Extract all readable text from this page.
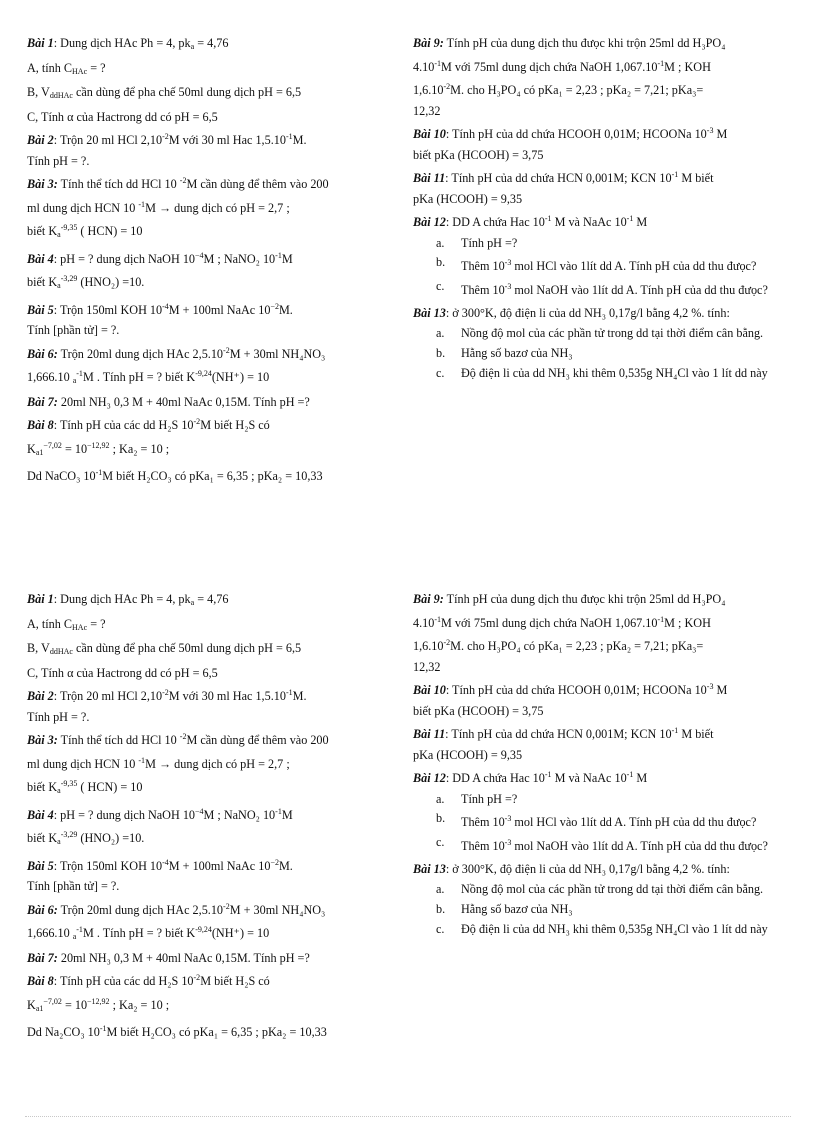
Bài 1: Dung dịch HAc Ph = 4, $pk_a = 4,76$
A, tính $C_{HAc}$ = ?
B, $V_{ddHAc}$ cần dùng để pha chế 50ml dung dịch pH = 6,5
C, Tính α của Hactrong dd có pH = 6,5
Bài 2: Trộn 20 ml HCl $2,10^{-2}M$ với 30 ml Hac $1,5.10^{-1}M$.
Tính pH = ?.
Bài 3: Tính thể tích dd HCl 10 $^{-2}$M cần dùng để thêm vào 200
ml dung dịch HCN 10 $^{-1}$M → dung dịch có pH = 2,7 ;
biết $K_a^{-9,35}$ ( HCN) = 10
Bài 4: pH = ? dung dịch NaOH $10^{-4}M$ ; NaNO₂ $10^{-1}M$
biết $K_a^{-3,29}$ (HNO₂) =10.
Bài 5: Trộn 150ml KOH $10^{-4}M + 100ml$ NaAc $10^{-2}M$.
Tính [phần tử] = ?.
Bài 6: Trộn 20ml dung dịch HAc $2,5.10^{-2}M + 30ml$ NH₄NO₃
1,666.10 $_a^{-1}$M . Tính pH = ? biết $K^{-9,24}(NH^+) = 10$
Bài 7: 20ml NH₃ 0,3 M + 40ml NaAc 0,15M. Tính pH =?
Bài 8: Tính pH của các dd H₂S $10^{-2}M$ biết H₂S có
$K_{a1}^{-7,02} = 10^{-12,92}$ ; Ka₂ = 10 ;
Dd NaCO₃ $10^{-1}M$ biết H₂CO₃ có pKa₁ = 6,35 ; pKa₂ = 10,33
Bài 9: Tính pH của dung dịch thu đưọc khi trộn 25ml dd H₃PO₄
$4.10^{-1}M$ với 75ml dung dịch chứa NaOH $1,067.10^{-1}M$ ; KOH
$1,6.10^{-2}M$. cho H₃PO₄ có pKa₁ = 2,23 ; pKa₂ = 7,21; pKa₃=
12,32
Bài 10: Tính pH của dd chứa HCOOH 0,01M; HCOONa $10^{-3}$ M
biết pKa (HCOOH) = 3,75
Bài 11: Tính pH của dd chứa HCN 0,001M; KCN $10^{-1}$ M biết
pKa (HCOOH) = 9,35
Bài 12: DD A chứa Hac $10^{-1}$ M và NaAc $10^{-1}$ M
a. Tính pH =?
b. Thêm $10^{-3}$ mol HCl vào 1lít dd A. Tính pH của dd thu đưọc?
c. Thêm $10^{-3}$ mol NaOH vào 1lít dd A. Tính pH của dd thu đưọc?
Bài 13: ở 300°K, độ điện li của dd NH₃ 0,17g/l bằng 4,2 %. tính:
a. Nồng độ mol của các phần tử trong dd tại thời điểm cân bằng.
b. Hằng số bazơ của NH₃
c. Độ điện li của dd NH₃ khi thêm 0,535g NH₄Cl vào 1 lít dd này
Bài 1: Dung dịch HAc Ph = 4, $pk_a = 4,76$
A, tính $C_{HAc}$ = ?
B, $V_{ddHAc}$ cần dùng để pha chế 50ml dung dịch pH = 6,5
C, Tính α của Hactrong dd có pH = 6,5
Bài 2: Trộn 20 ml HCl $2,10^{-2}M$ với 30 ml Hac $1,5.10^{-1}M$.
Tính pH = ?.
Bài 3: Tính thể tích dd HCl 10 $^{-2}$M cần dùng để thêm vào 200
ml dung dịch HCN 10 $^{-1}$M → dung dịch có pH = 2,7 ;
biết $K_a^{-9,35}$ ( HCN) = 10
Bài 4: pH = ? dung dịch NaOH $10^{-4}M$ ; NaNO₂ $10^{-1}M$
biết $K_a^{-3,29}$ (HNO₂) =10.
Bài 5: Trộn 150ml KOH $10^{-4}M + 100ml$ NaAc $10^{-2}M$.
Tính [phần tử] = ?.
Bài 6: Trộn 20ml dung dịch HAc $2,5.10^{-2}M + 30ml$ NH₄NO₃
1,666.10 $_a^{-1}$M . Tính pH = ? biết $K^{-9,24}(NH^+) = 10$
Bài 7: 20ml NH₃ 0,3 M + 40ml NaAc 0,15M. Tính pH =?
Bài 8: Tính pH của các dd H₂S $10^{-2}M$ biết H₂S có
$K_{a1}^{-7,02} = 10^{-12,92}$ ; Ka₂ = 10 ;
Dd Na₂CO₃ $10^{-1}M$ biết H₂CO₃ có pKa₁ = 6,35 ; pKa₂ = 10,33
Bài 9: Tính pH của dung dịch thu đưọc khi trộn 25ml dd H₃PO₄
$4.10^{-1}M$ với 75ml dung dịch chứa NaOH $1,067.10^{-1}M$ ; KOH
$1,6.10^{-2}M$. cho H₃PO₄ có pKa₁ = 2,23 ; pKa₂ = 7,21; pKa₃=
12,32
Bài 10: Tính pH của dd chứa HCOOH 0,01M; HCOONa $10^{-3}$ M
biết pKa (HCOOH) = 3,75
Bài 11: Tính pH của dd chứa HCN 0,001M; KCN $10^{-1}$ M biết
pKa (HCOOH) = 9,35
Bài 12: DD A chứa Hac $10^{-1}$ M và NaAc $10^{-1}$ M
a. Tính pH =?
b. Thêm $10^{-3}$ mol HCl vào 1lít dd A. Tính pH của dd thu đưọc?
c. Thêm $10^{-3}$ mol NaOH vào 1lít dd A. Tính pH của dd thu đưọc?
Bài 13: ở 300°K, độ điện li của dd NH₃ 0,17g/l bằng 4,2 %. tính:
a. Nồng độ mol của các phần tử trong dd tại thời điểm cân bằng.
b. Hằng số bazơ của NH₃
c. Độ điện li của dd NH₃ khi thêm 0,535g NH₄Cl vào 1 lít dd này
